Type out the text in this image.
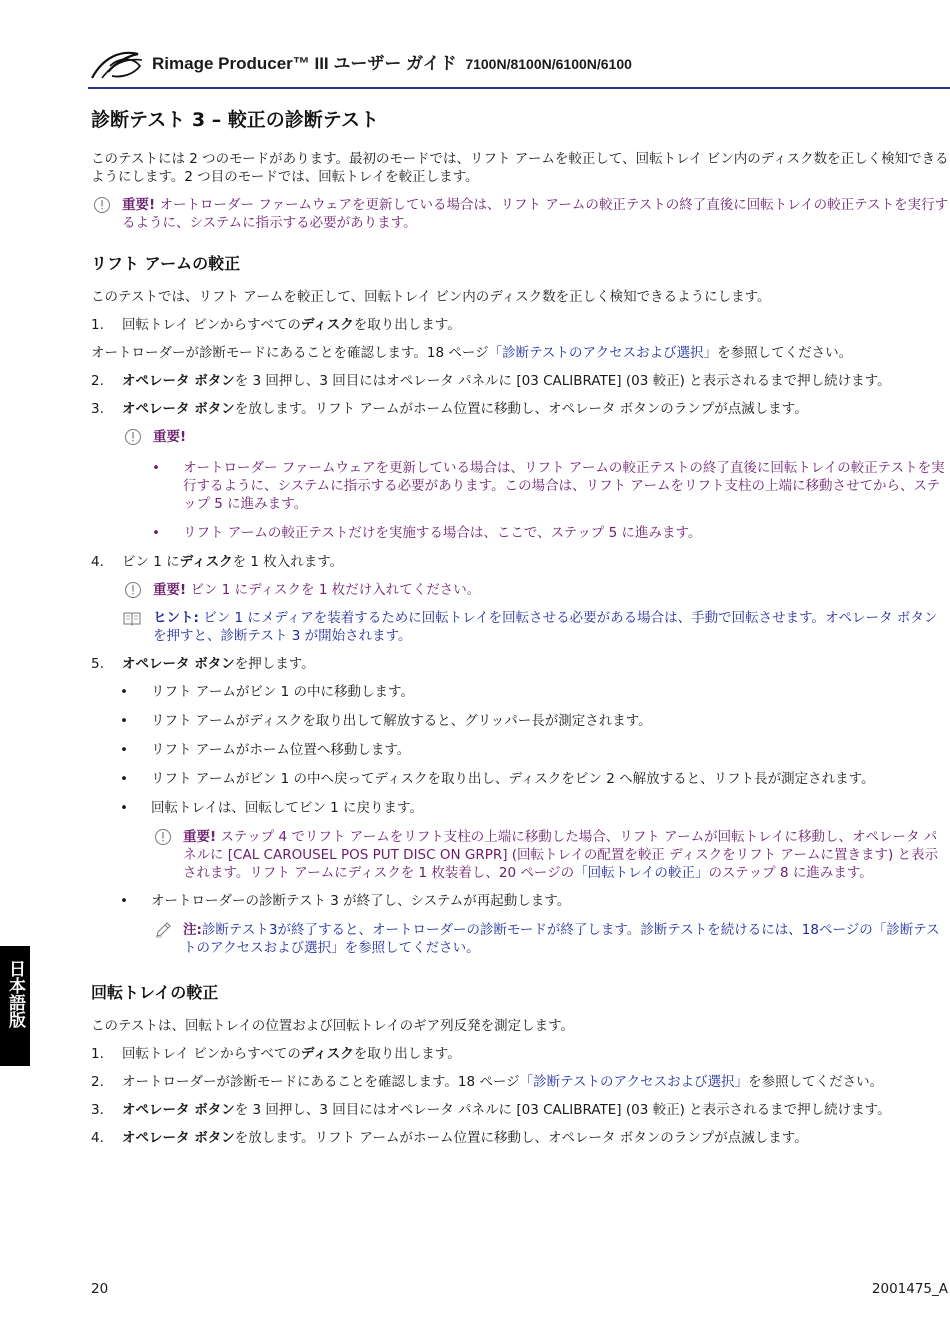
Rimage Producer™ III ユーザー ガイド 7100N/8100N/6100N/6100
診断テスト 3 – 較正の診断テスト

このテストには 2 つのモードがあります。最初のモードでは、リフト アームを較正して、回転トレイ ビン内のディスク数を正しく検知できるようにします。2 つ目のモードでは、回転トレイを較正します。

重要! オートローダー ファームウェアを更新している場合は、リフト アームの較正テストの終了直後に回転トレイの較正テストを実行するように、システムに指示する必要があります。
リフト アームの較正

このテストでは、リフト アームを較正して、回転トレイ ビン内のディスク数を正しく検知できるようにします。

1. 回転トレイ ビンからすべてのディスクを取り出します。

オートローダーが診断モードにあることを確認します。18 ページ「診断テストのアクセスおよび選択」を参照してください。

2. オペレータ ボタンを 3 回押し、3 回目にはオペレータ パネルに [03 CALIBRATE] (03 較正) と表示されるまで押し続けます。
3. オペレータ ボタンを放します。リフト アームがホーム位置に移動し、オペレータ ボタンのランプが点滅します。
重要!
• オートローダー ファームウェアを更新している場合は、リフト アームの較正テストの終了直後に回転トレイの較正テストを実行するように、システムに指示する必要があります。この場合は、リフト アームをリフト支柱の上端に移動させてから、ステップ 5 に進みます。
• リフト アームの較正テストだけを実施する場合は、ここで、ステップ 5 に進みます。
4. ビン 1 にディスクを 1 枚入れます。
重要! ビン 1 にディスクを 1 枚だけ入れてください。
ヒント: ビン 1 にメディアを装着するために回転トレイを回転させる必要がある場合は、手動で回転させます。オペレータ ボタンを押すと、診断テスト 3 が開始されます。
5. オペレータ ボタンを押します。
• リフト アームがビン 1 の中に移動します。
• リフト アームがディスクを取り出して解放すると、グリッパー長が測定されます。
• リフト アームがホーム位置へ移動します。
• リフト アームがビン 1 の中へ戻ってディスクを取り出し、ディスクをビン 2 へ解放すると、リフト長が測定されます。
• 回転トレイは、回転してビン 1 に戻ります。
重要! ステップ 4 でリフト アームをリフト支柱の上端に移動した場合、リフト アームが回転トレイに移動し、オペレータ パネルに [CAL CAROUSEL POS PUT DISC ON GRPR] (回転トレイの配置を較正 ディスクをリフト アームに置きます) と表示されます。リフト アームにディスクを 1 枚装着し、20 ページの「回転トレイの較正」のステップ 8 に進みます。
• オートローダーの診断テスト 3 が終了し、システムが再起動します。
注:診断テスト3が終了すると、オートローダーの診断モードが終了します。診断テストを続けるには、18ページの「診断テストのアクセスおよび選択」を参照してください。
回転トレイの較正

このテストは、回転トレイの位置および回転トレイのギア列反発を測定します。

1. 回転トレイ ビンからすべてのディスクを取り出します。
2. オートローダーが診断モードにあることを確認します。18 ページ「診断テストのアクセスおよび選択」を参照してください。
3. オペレータ ボタンを 3 回押し、3 回目にはオペレータ パネルに [03 CALIBRATE] (03 較正) と表示されるまで押し続けます。
4. オペレータ ボタンを放します。リフト アームがホーム位置に移動し、オペレータ ボタンのランプが点滅します。
日本語版
20	2001475_A
